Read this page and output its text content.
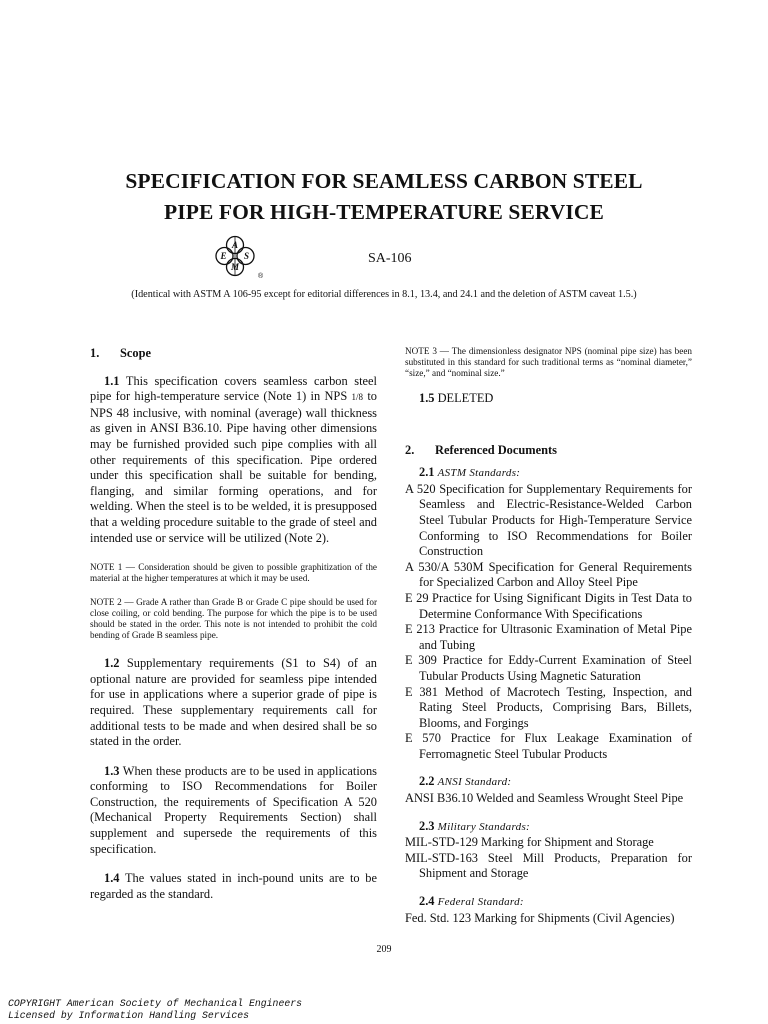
SPECIFICATION FOR SEAMLESS CARBON STEEL
PIPE FOR HIGH-TEMPERATURE SERVICE
A
E S
M
®
SA-106
(Identical with ASTM A 106-95 except for editorial differences in 8.1, 13.4, and 24.1 and the deletion of ASTM caveat 1.5.)

1. Scope

1.1 This specification covers seamless carbon steel pipe for high-temperature service (Note 1) in NPS 1/8 to NPS 48 inclusive, with nominal (average) wall thickness as given in ANSI B36.10. Pipe having other dimensions may be furnished provided such pipe complies with all other requirements of this specification. Pipe ordered under this specification shall be suitable for bending, flanging, and similar forming operations, and for welding. When the steel is to be welded, it is presupposed that a welding procedure suitable to the grade of steel and intended use or service will be utilized (Note 2).

NOTE 1 — Consideration should be given to possible graphitization of the material at the higher temperatures at which it may be used.

NOTE 2 — Grade A rather than Grade B or Grade C pipe should be used for close coiling, or cold bending. The purpose for which the pipe is to be used should be stated in the order. This note is not intended to prohibit the cold bending of Grade B seamless pipe.

1.2 Supplementary requirements (S1 to S4) of an optional nature are provided for seamless pipe intended for use in applications where a superior grade of pipe is required. These supplementary requirements call for additional tests to be made and when desired shall be so stated in the order.

1.3 When these products are to be used in applications conforming to ISO Recommendations for Boiler Construction, the requirements of Specification A 520 (Mechanical Property Requirements Section) shall supplement and supersede the requirements of this specification.

1.4 The values stated in inch-pound units are to be regarded as the standard.

NOTE 3 — The dimensionless designator NPS (nominal pipe size) has been substituted in this standard for such traditional terms as “nominal diameter,” “size,” and “nominal size.”

1.5 DELETED

2. Referenced Documents

2.1 ASTM Standards:

A 520 Specification for Supplementary Requirements for Seamless and Electric-Resistance-Welded Carbon Steel Tubular Products for High-Temperature Service Conforming to ISO Recommendations for Boiler Construction

A 530/A 530M Specification for General Requirements for Specialized Carbon and Alloy Steel Pipe

E 29 Practice for Using Significant Digits in Test Data to Determine Conformance With Specifications

E 213 Practice for Ultrasonic Examination of Metal Pipe and Tubing

E 309 Practice for Eddy-Current Examination of Steel Tubular Products Using Magnetic Saturation

E 381 Method of Macrotech Testing, Inspection, and Rating Steel Products, Comprising Bars, Billets, Blooms, and Forgings

E 570 Practice for Flux Leakage Examination of Ferromagnetic Steel Tubular Products

2.2 ANSI Standard:

ANSI B36.10 Welded and Seamless Wrought Steel Pipe

2.3 Military Standards:

MIL-STD-129 Marking for Shipment and Storage

MIL-STD-163 Steel Mill Products, Preparation for Shipment and Storage

2.4 Federal Standard:

Fed. Std. 123 Marking for Shipments (Civil Agencies)

209
COPYRIGHT American Society of Mechanical Engineers
Licensed by Information Handling Services
